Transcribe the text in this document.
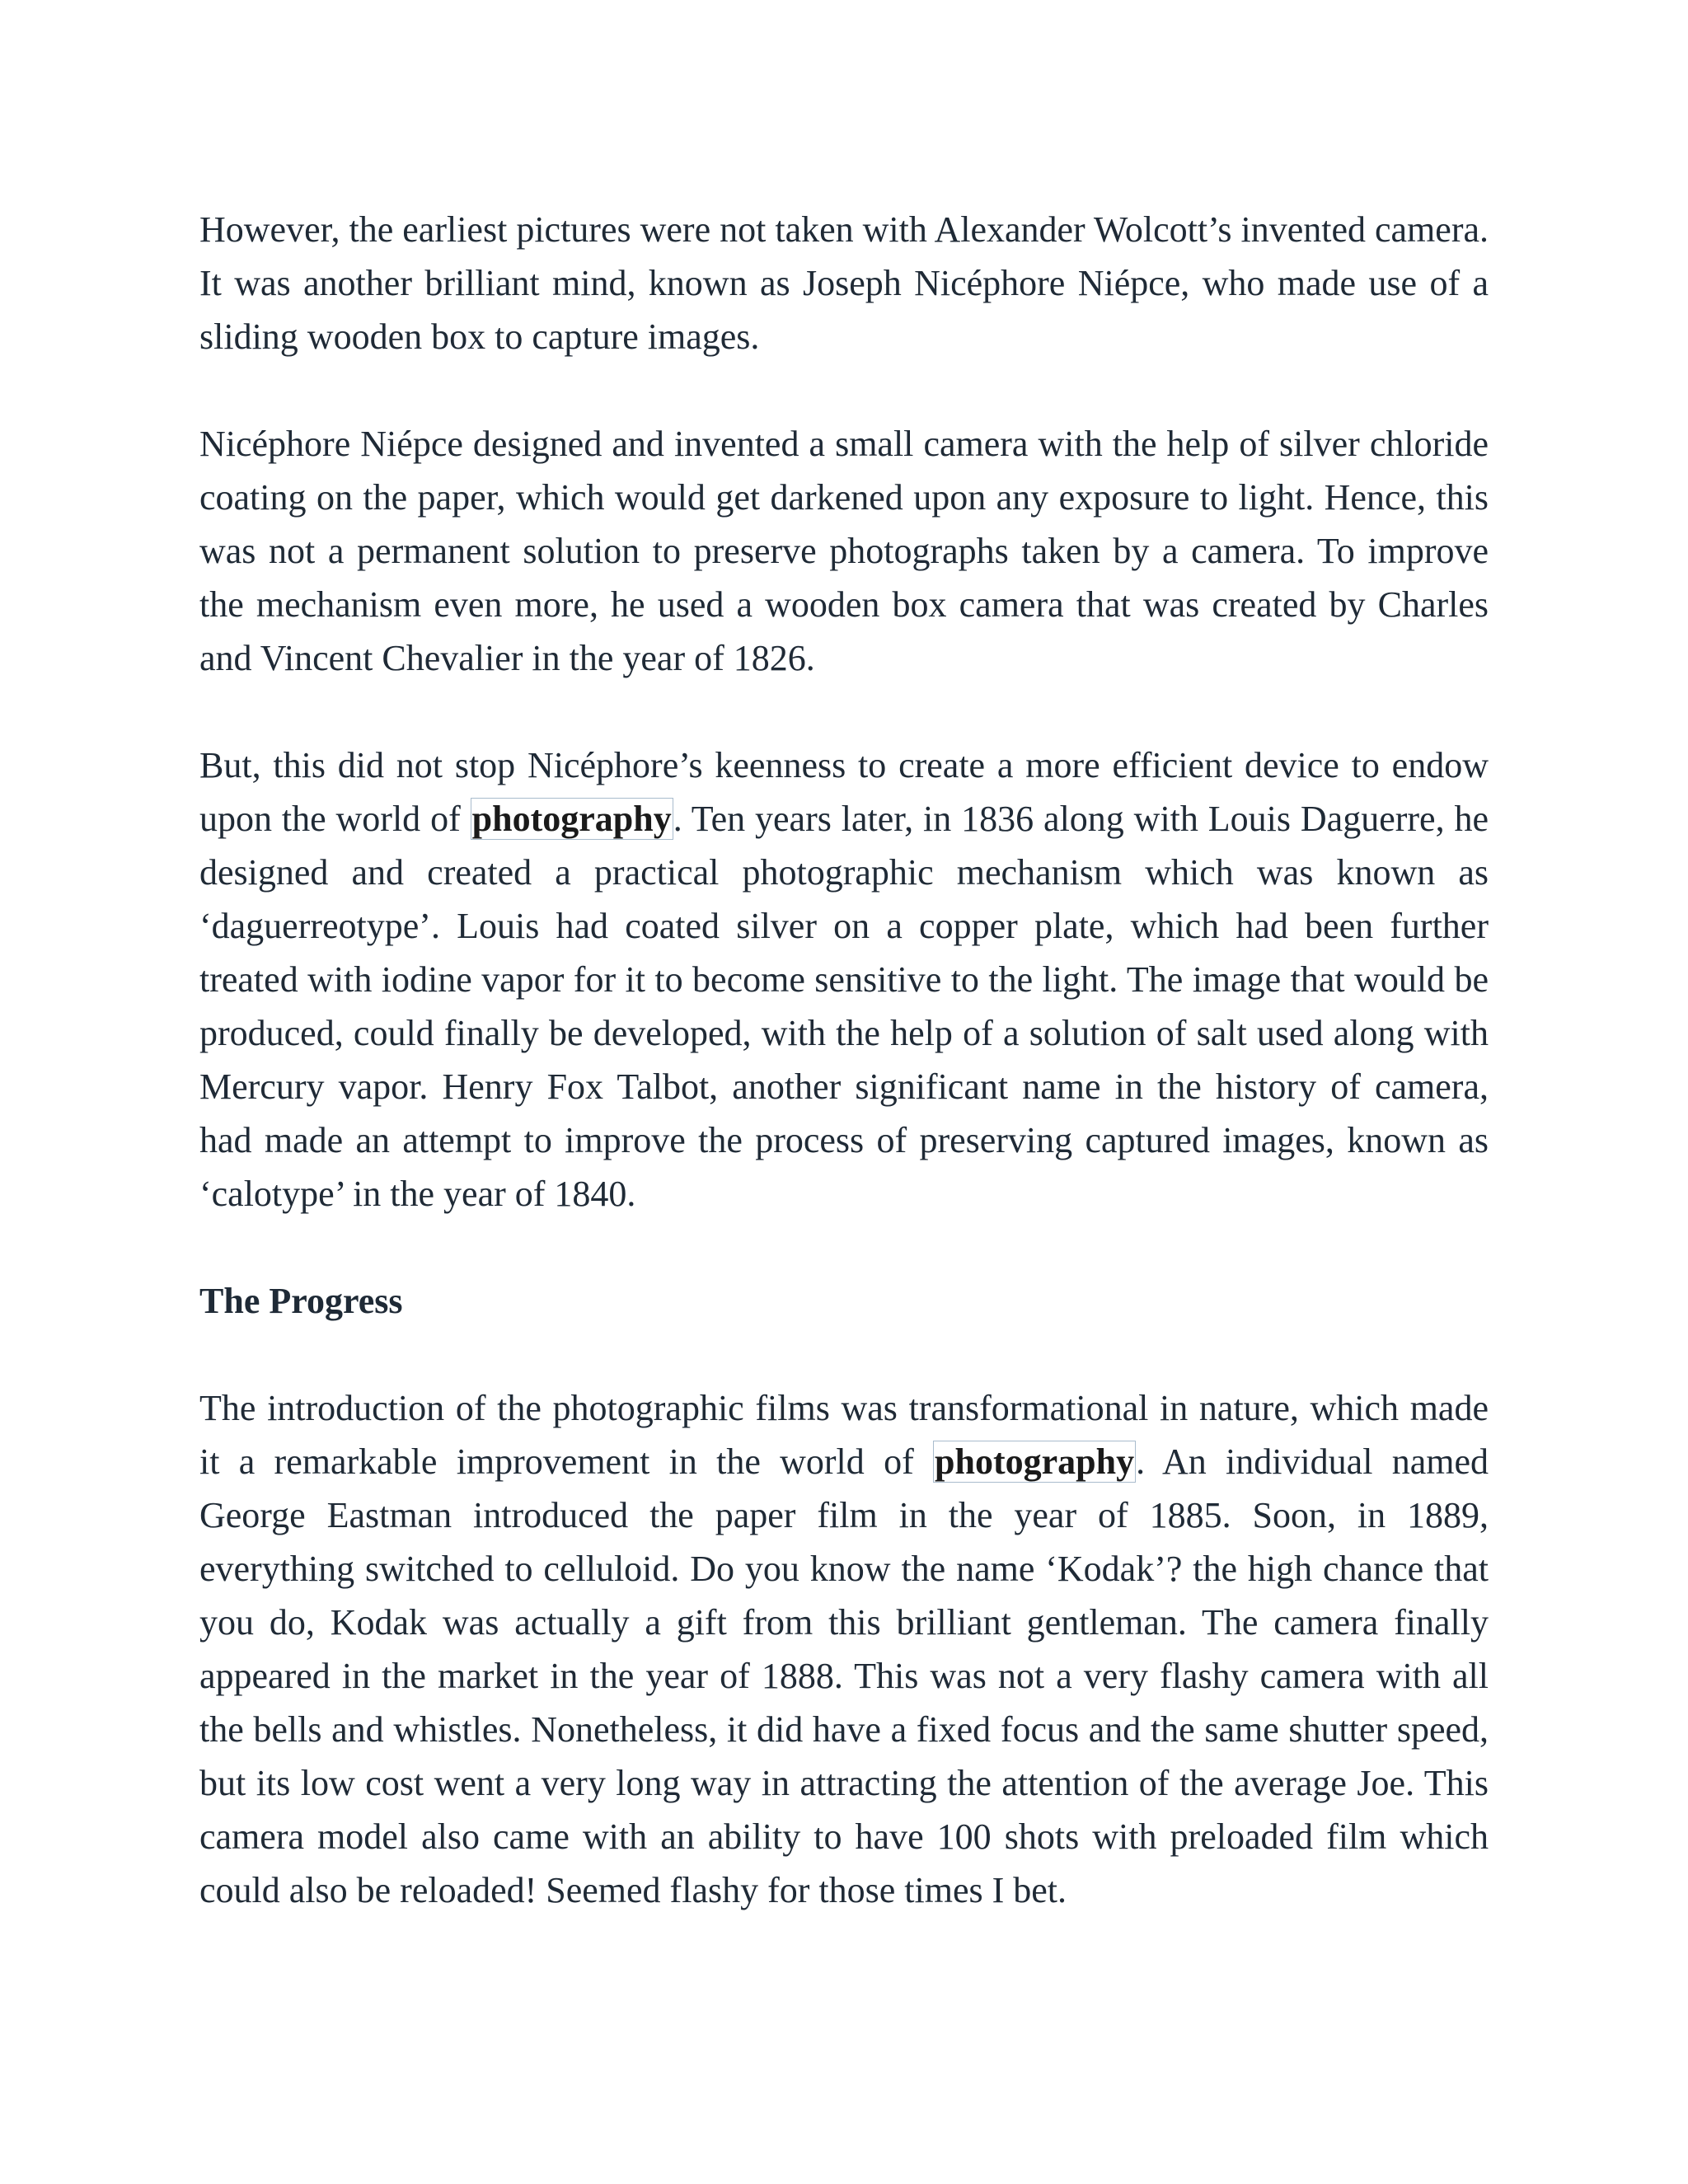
However, the earliest pictures were not taken with Alexander Wolcott’s invented camera. It was another brilliant mind, known as Joseph Nicéphore Niépce, who made use of a sliding wooden box to capture images.

Nicéphore Niépce designed and invented a small camera with the help of silver chloride coating on the paper, which would get darkened upon any exposure to light. Hence, this was not a permanent solution to preserve photographs taken by a camera. To improve the mechanism even more, he used a wooden box camera that was created by Charles and Vincent Chevalier in the year of 1826.

But, this did not stop Nicéphore’s keenness to create a more efficient device to endow upon the world of photography. Ten years later, in 1836 along with Louis Daguerre, he designed and created a practical photographic mechanism which was known as ‘daguerreotype’. Louis had coated silver on a copper plate, which had been further treated with iodine vapor for it to become sensitive to the light. The image that would be produced, could finally be developed, with the help of a solution of salt used along with Mercury vapor. Henry Fox Talbot, another significant name in the history of camera, had made an attempt to improve the process of preserving captured images, known as ‘calotype’ in the year of 1840.

The Progress

The introduction of the photographic films was transformational in nature, which made it a remarkable improvement in the world of photography. An individual named George Eastman introduced the paper film in the year of 1885. Soon, in 1889, everything switched to celluloid. Do you know the name ‘Kodak’? the high chance that you do, Kodak was actually a gift from this brilliant gentleman. The camera finally appeared in the market in the year of 1888. This was not a very flashy camera with all the bells and whistles. Nonetheless, it did have a fixed focus and the same shutter speed, but its low cost went a very long way in attracting the attention of the average Joe. This camera model also came with an ability to have 100 shots with preloaded film which could also be reloaded! Seemed flashy for those times I bet.
